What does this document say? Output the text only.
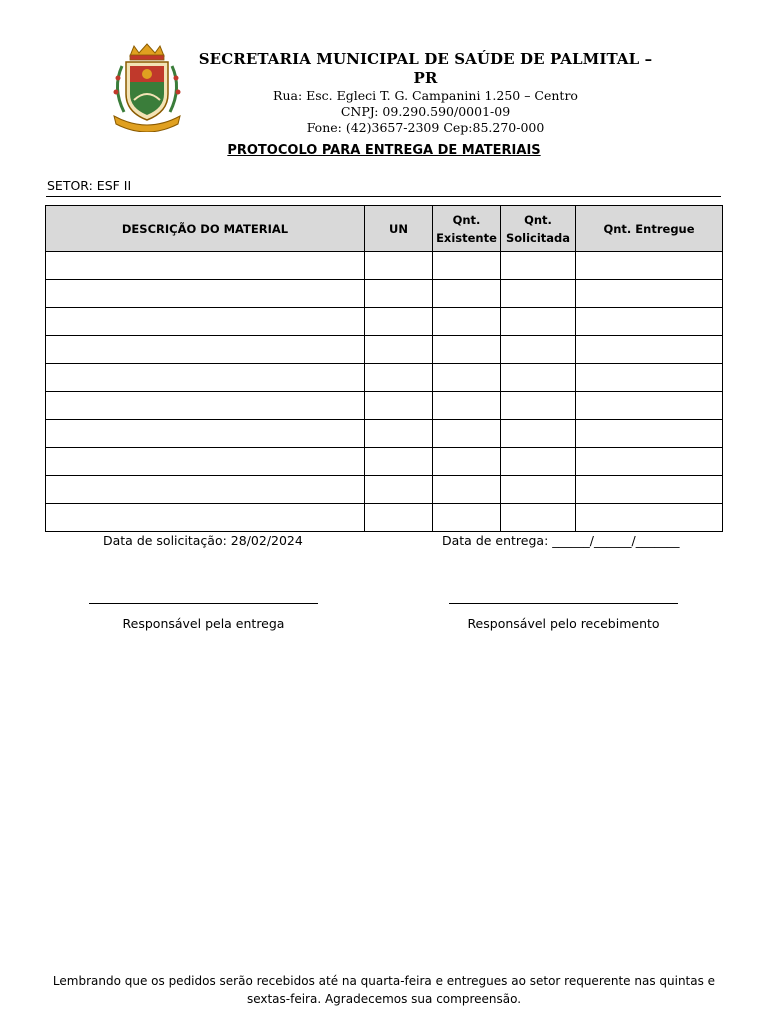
SECRETARIA MUNICIPAL DE SAÚDE DE PALMITAL – PR
Rua: Esc. Egleci T. G. Campanini 1.250 – Centro
CNPJ: 09.290.590/0001-09
Fone: (42)3657-2309 Cep:85.270-000
PROTOCOLO PARA ENTREGA DE MATERIAIS
SETOR: ESF II
DESCRIÇÃO DO MATERIAL	UN	Qnt. Existente	Qnt. Solicitada	Qnt. Entregue

Data de solicitação: 28/02/2024	Data de entrega: ______/______/_______
Responsável pela entrega	Responsável pelo recebimento
Lembrando que os pedidos serão recebidos até na quarta-feira e entregues ao setor requerente nas quintas e
sextas-feira. Agradecemos sua compreensão.
